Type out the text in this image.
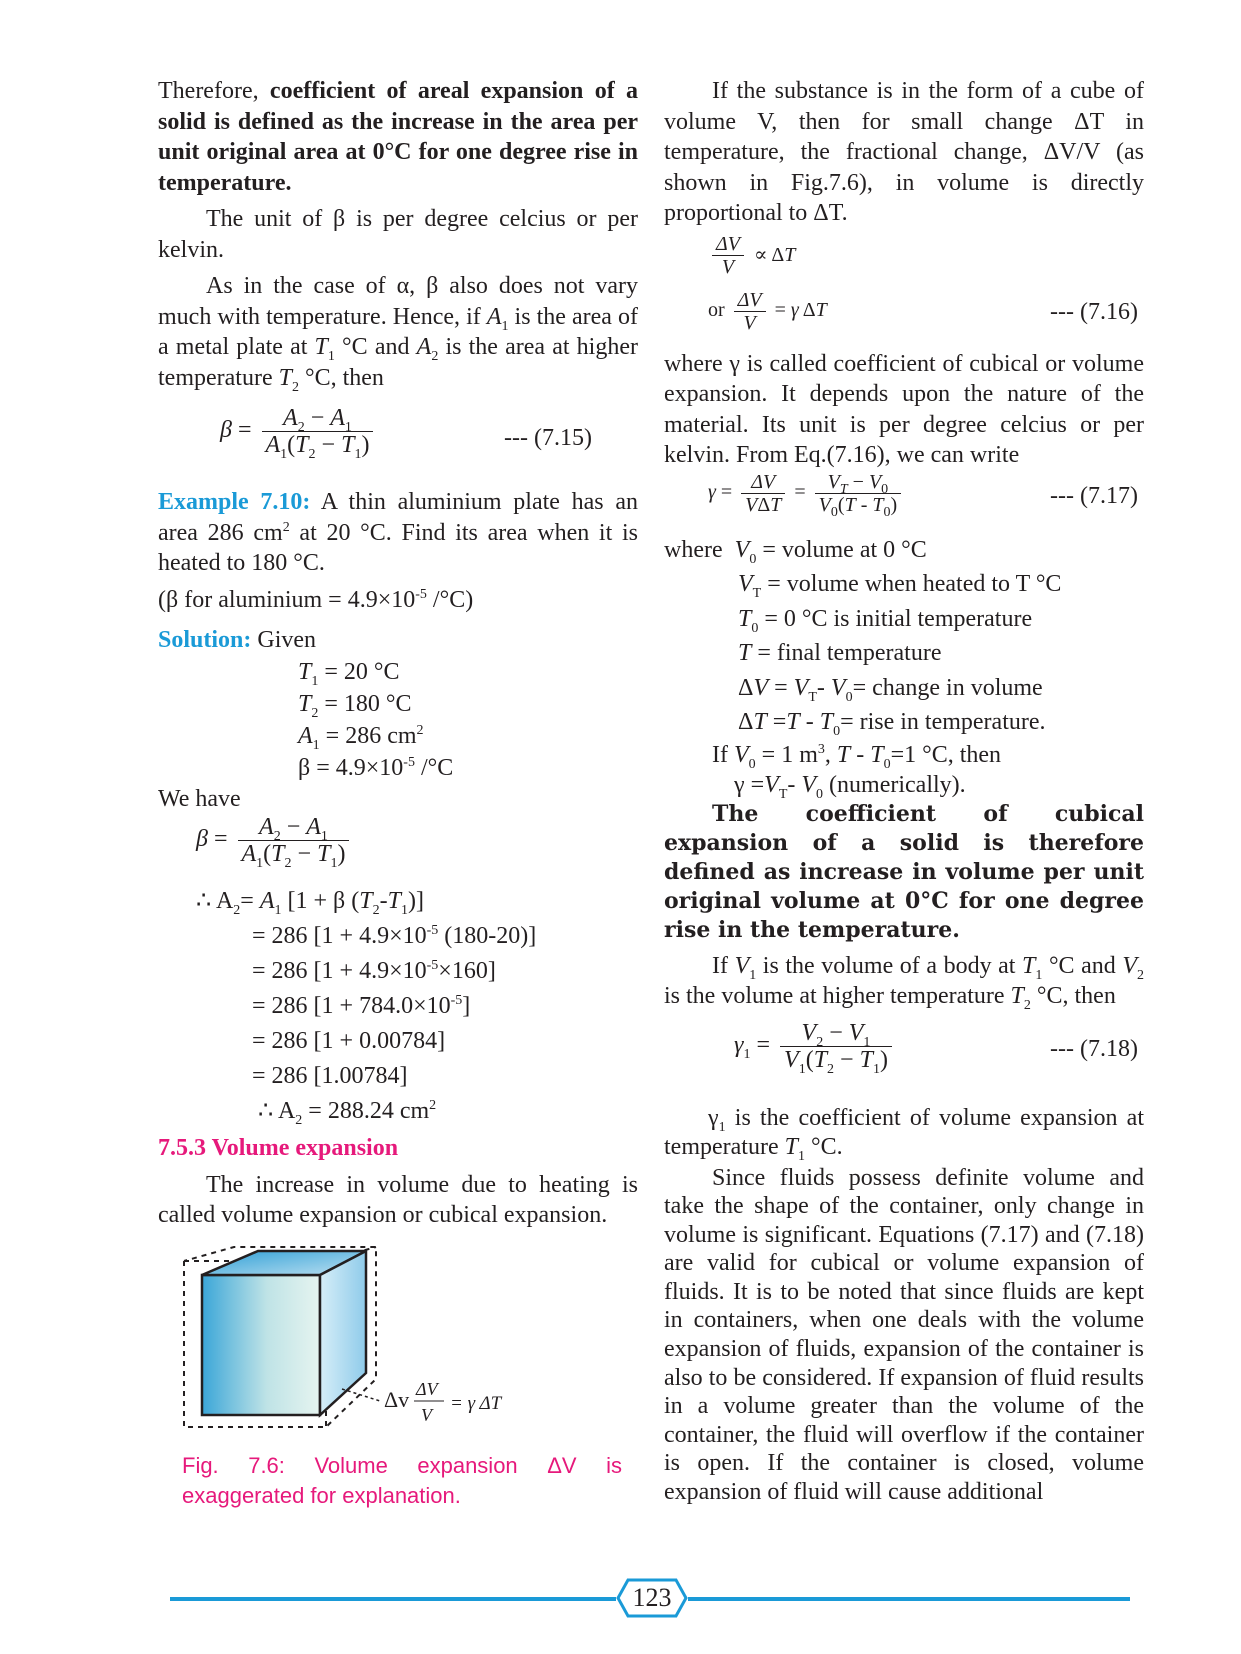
Therefore, coefficient of areal expansion of a solid is defined as the increase in the area per unit original area at 0°C for one degree rise in temperature.

The unit of β is per degree celcius or per kelvin.

As in the case of α, β also does not vary much with temperature. Hence, if $A_1$ is the area of a metal plate at $T_1$ °C and $A_2$ is the area at higher temperature $T_2$ °C, then

$\beta = \frac{A_2 - A_1}{A_1(T_2 - T_1)}$	--- (7.15)

Example 7.10: A thin aluminium plate has an area 286 $cm^2$ at 20 °C. Find its area when it is heated to 180 °C.

(β for aluminium = $4.9\times 10^{-5}$ /°C)

Solution: Given

$T_1 = 20$ °C
$T_2 = 180$ °C
$A_1 = 286$ $cm^2$
$\beta = 4.9\times 10^{-5}$ /°C

We have

$\beta = \frac{A_2 - A_1}{A_1(T_2 - T_1)}$
∴ $A_2= A_1$ [1 + β $(T_2-T_1)$]
= 286 [$1 + 4.9\times 10^{-5}$ (180-20)]
= 286 $[1 + 4.9\times 10^{-5}\times 160]$
= 286 $[1 + 784.0\times 10^{-5}]$
= 286 [1 + 0.00784]
= 286 [1.00784]
∴ $A_2 = 288.24$ $cm^2$
7.5.3 Volume expansion

The increase in volume due to heating is called volume expansion or cubical expansion.

Δv ΔV
V
= γ ΔT

Fig. 7.6: Volume expansion ΔV is exaggerated for explanation.

If the substance is in the form of a cube of volume V, then for small change ΔT in temperature, the fractional change, ΔV/V (as shown in Fig.7.6), in volume is directly proportional to ΔT.

$\frac{\Delta V}{V} \propto \Delta T$
or $\frac{\Delta V}{V} = \gamma$ ΔT	--- (7.16)

where γ is called coefficient of cubical or volume expansion. It depends upon the nature of the material. Its unit is per degree celcius or per kelvin. From Eq.(7.16), we can write

$\gamma = \frac{\Delta V}{\text{VΔT}} = \frac{V_T - V_0}{V_0(T - T_0)}$	--- (7.17)
where  $V_0$ = volume at 0 °C
$V_T$ = volume when heated to T °C
$T_0 = 0$ °C is initial temperature
T = final temperature
$\Delta V = V_T-$ $V_0=$ change in volume
$\Delta T =T - T_0=$ rise in temperature.
If $V_0 = 1$ $m^3$, $T - T_0=1$ °C, then
$\gamma =V_T-$ $V_0$ (numerically).

The coefficient of cubical expansion of a solid is therefore defined as increase in volume per unit original volume at 0°C for one degree rise in the temperature.

If $V_1$ is the volume of a body at $T_1$ °C and $V_2$ is the volume at higher temperature $T_2$ °C, then

$\gamma_1 = \frac{V_2 - V_1}{V_1(T_2 - T_1)}$	--- (7.18)

$\gamma_1$ is the coefficient of volume expansion at temperature $T_1$ °C.

Since fluids possess definite volume and take the shape of the container, only change in volume is significant. Equations (7.17) and (7.18) are valid for cubical or volume expansion of fluids. It is to be noted that since fluids are kept in containers, when one deals with the volume expansion of fluids, expansion of the container is also to be considered. If expansion of fluid results in a volume greater than the volume of the container, the fluid will overflow if the container is open. If the container is closed, volume expansion of fluid will cause additional

123
